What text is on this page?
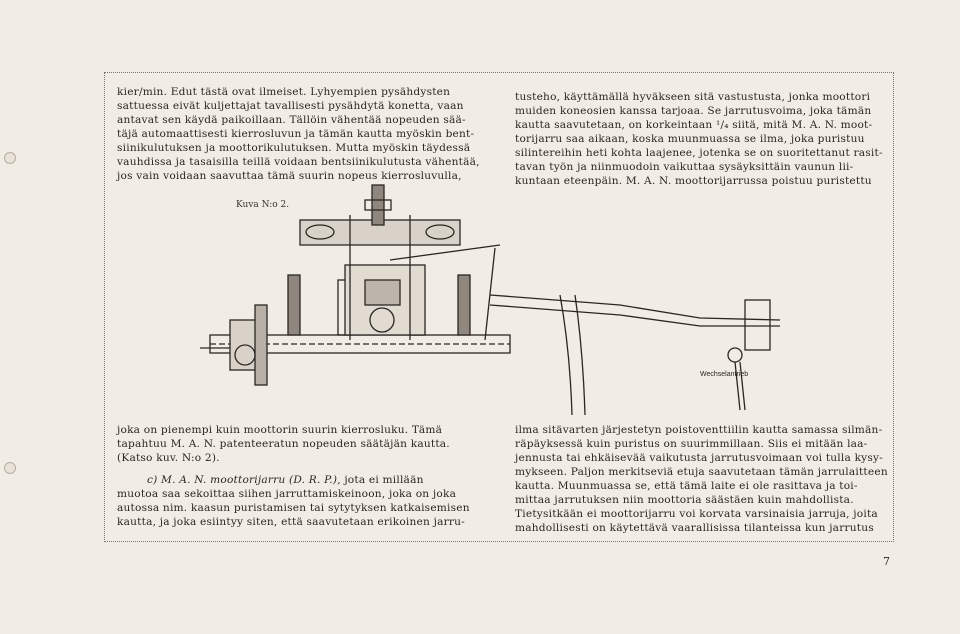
kier/min. Edut tästä ovat ilmeiset. Lyhyempien pysähdysten

sattuessa eivät kuljettajat tavallisesti pysähdytä konetta, vaan

antavat sen käydä paikoillaan. Tällöin vähentää nopeuden sää-

täjä automaattisesti kierrosluvun ja tämän kautta myöskin bent-

siinikulutuksen ja moottorikulutuksen. Mutta myöskin täydessä

vauhdissa ja tasaisilla teillä voidaan bentsiinikulutusta vähentää,

jos vain voidaan saavuttaa tämä suurin nopeus kierrosluvulla,

tusteho, käyttämällä hyväkseen sitä vastustusta, jonka moottori

muiden koneosien kanssa tarjoaa. Se jarrutusvoima, joka tämän

kautta saavutetaan, on korkeintaan ¹/₄ siitä, mitä M. A. N. moot-

torijarru saa aikaan, koska muunmuassa se ilma, joka puristuu

silintereihin heti kohta laajenee, jotenka se on suoritettanut rasit-

tavan työn ja niinmuodoin vaikuttaa sysäyksittäin vaunun lii-

kuntaan eteenpäin. M. A. N. moottorijarrussa poistuu puristettu

Kuva N:o 2.
Wechselantrieb

joka on pienempi kuin moottorin suurin kierrosluku. Tämä

tapahtuu M. A. N. patenteeratun nopeuden säätäjän kautta.

(Katso kuv. N:o 2).

c) M. A. N. moottorijarru (D. R. P.), jota ei millään

muotoa saa sekoittaa siihen jarruttamiskeinoon, joka on joka

autossa nim. kaasun puristamisen tai sytytyksen katkaisemisen

kautta, ja joka esiintyy siten, että saavutetaan erikoinen jarru-

ilma sitävarten järjestetyn poistoventtiilin kautta samassa silmän-

räpäyksessä kuin puristus on suurimmillaan. Siis ei mitään laa-

jennusta tai ehkäisevää vaikutusta jarrutusvoimaan voi tulla kysy-

mykseen. Paljon merkitseviä etuja saavutetaan tämän jarrulaitteen

kautta. Muunmuassa se, että tämä laite ei ole rasittava ja toi-

mittaa jarrutuksen niin moottoria säästäen kuin mahdollista.

Tietysitkään ei moottorijarru voi korvata varsinaisia jarruja, joita

mahdollisesti on käytettävä vaarallisissa tilanteissa kun jarrutus

7
